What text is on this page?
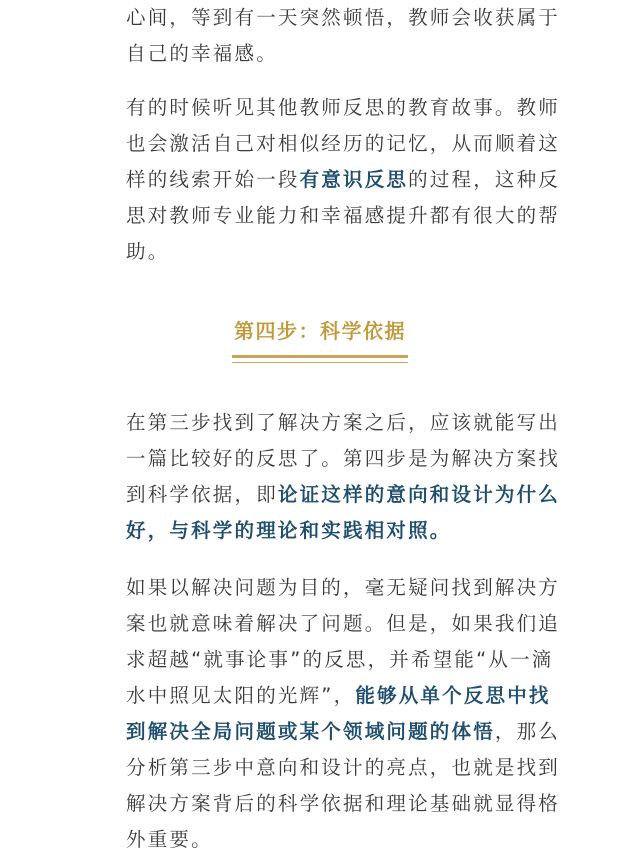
心间，等到有一天突然顿悟，教师会收获属于
自己的幸福感。

有的时候听见其他教师反思的教育故事。教师
也会激活自己对相似经历的记忆，从而顺着这
样的线索开始一段有意识反思的过程，这种反
思对教师专业能力和幸福感提升都有很大的帮
助。

第四步：科学依据

在第三步找到了解决方案之后，应该就能写出
一篇比较好的反思了。第四步是为解决方案找
到科学依据，即论证这样的意向和设计为什么
好，与科学的理论和实践相对照。

如果以解决问题为目的，毫无疑问找到解决方
案也就意味着解决了问题。但是，如果我们追
求超越“就事论事”的反思，并希望能“从一滴
水中照见太阳的光辉”，能够从单个反思中找
到解决全局问题或某个领域问题的体悟，那么
分析第三步中意向和设计的亮点，也就是找到
解决方案背后的科学依据和理论基础就显得格
外重要。
